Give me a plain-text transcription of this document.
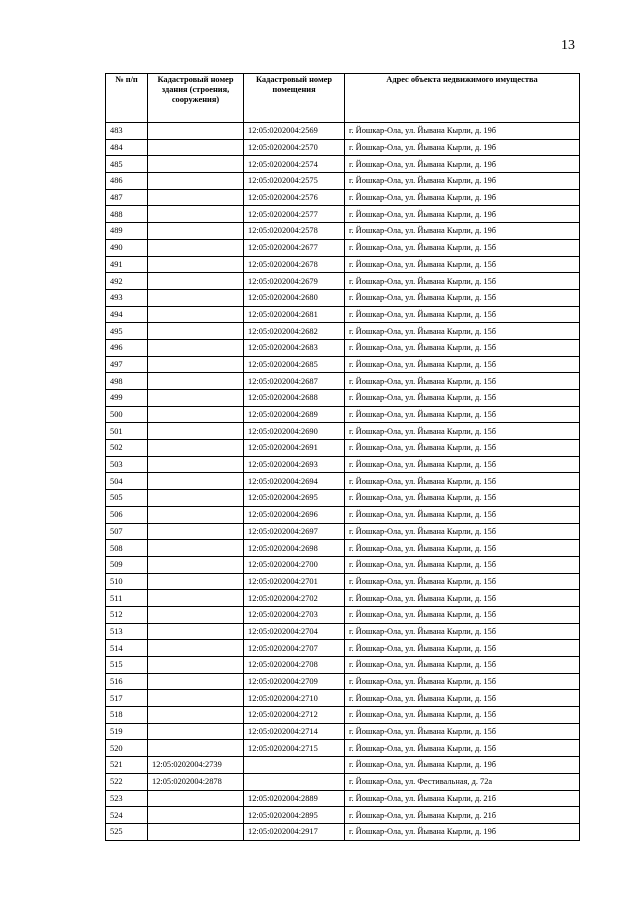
13
№ п/п	Кадастровый номер здания (строения, сооружения)	Кадастровый номер помещения	Адрес объекта недвижимого имущества
483		12:05:0202004:2569	г. Йошкар-Ола, ул. Йывана Кырли, д. 19б
484		12:05:0202004:2570	г. Йошкар-Ола, ул. Йывана Кырли, д. 19б
485		12:05:0202004:2574	г. Йошкар-Ола, ул. Йывана Кырли, д. 19б
486		12:05:0202004:2575	г. Йошкар-Ола, ул. Йывана Кырли, д. 19б
487		12:05:0202004:2576	г. Йошкар-Ола, ул. Йывана Кырли, д. 19б
488		12:05:0202004:2577	г. Йошкар-Ола, ул. Йывана Кырли, д. 19б
489		12:05:0202004:2578	г. Йошкар-Ола, ул. Йывана Кырли, д. 19б
490		12:05:0202004:2677	г. Йошкар-Ола, ул. Йывана Кырли, д. 15б
491		12:05:0202004:2678	г. Йошкар-Ола, ул. Йывана Кырли, д. 15б
492		12:05:0202004:2679	г. Йошкар-Ола, ул. Йывана Кырли, д. 15б
493		12:05:0202004:2680	г. Йошкар-Ола, ул. Йывана Кырли, д. 15б
494		12:05:0202004:2681	г. Йошкар-Ола, ул. Йывана Кырли, д. 15б
495		12:05:0202004:2682	г. Йошкар-Ола, ул. Йывана Кырли, д. 15б
496		12:05:0202004:2683	г. Йошкар-Ола, ул. Йывана Кырли, д. 15б
497		12:05:0202004:2685	г. Йошкар-Ола, ул. Йывана Кырли, д. 15б
498		12:05:0202004:2687	г. Йошкар-Ола, ул. Йывана Кырли, д. 15б
499		12:05:0202004:2688	г. Йошкар-Ола, ул. Йывана Кырли, д. 15б
500		12:05:0202004:2689	г. Йошкар-Ола, ул. Йывана Кырли, д. 15б
501		12:05:0202004:2690	г. Йошкар-Ола, ул. Йывана Кырли, д. 15б
502		12:05:0202004:2691	г. Йошкар-Ола, ул. Йывана Кырли, д. 15б
503		12:05:0202004:2693	г. Йошкар-Ола, ул. Йывана Кырли, д. 15б
504		12:05:0202004:2694	г. Йошкар-Ола, ул. Йывана Кырли, д. 15б
505		12:05:0202004:2695	г. Йошкар-Ола, ул. Йывана Кырли, д. 15б
506		12:05:0202004:2696	г. Йошкар-Ола, ул. Йывана Кырли, д. 15б
507		12:05:0202004:2697	г. Йошкар-Ола, ул. Йывана Кырли, д. 15б
508		12:05:0202004:2698	г. Йошкар-Ола, ул. Йывана Кырли, д. 15б
509		12:05:0202004:2700	г. Йошкар-Ола, ул. Йывана Кырли, д. 15б
510		12:05:0202004:2701	г. Йошкар-Ола, ул. Йывана Кырли, д. 15б
511		12:05:0202004:2702	г. Йошкар-Ола, ул. Йывана Кырли, д. 15б
512		12:05:0202004:2703	г. Йошкар-Ола, ул. Йывана Кырли, д. 15б
513		12:05:0202004:2704	г. Йошкар-Ола, ул. Йывана Кырли, д. 15б
514		12:05:0202004:2707	г. Йошкар-Ола, ул. Йывана Кырли, д. 15б
515		12:05:0202004:2708	г. Йошкар-Ола, ул. Йывана Кырли, д. 15б
516		12:05:0202004:2709	г. Йошкар-Ола, ул. Йывана Кырли, д. 15б
517		12:05:0202004:2710	г. Йошкар-Ола, ул. Йывана Кырли, д. 15б
518		12:05:0202004:2712	г. Йошкар-Ола, ул. Йывана Кырли, д. 15б
519		12:05:0202004:2714	г. Йошкар-Ола, ул. Йывана Кырли, д. 15б
520		12:05:0202004:2715	г. Йошкар-Ола, ул. Йывана Кырли, д. 15б
521	12:05:0202004:2739		г. Йошкар-Ола, ул. Йывана Кырли, д. 19б
522	12:05:0202004:2878		г. Йошкар-Ола, ул. Фестивальная, д. 72а
523		12:05:0202004:2889	г. Йошкар-Ола, ул. Йывана Кырли, д. 21б
524		12:05:0202004:2895	г. Йошкар-Ола, ул. Йывана Кырли, д. 21б
525		12:05:0202004:2917	г. Йошкар-Ола, ул. Йывана Кырли, д. 19б
